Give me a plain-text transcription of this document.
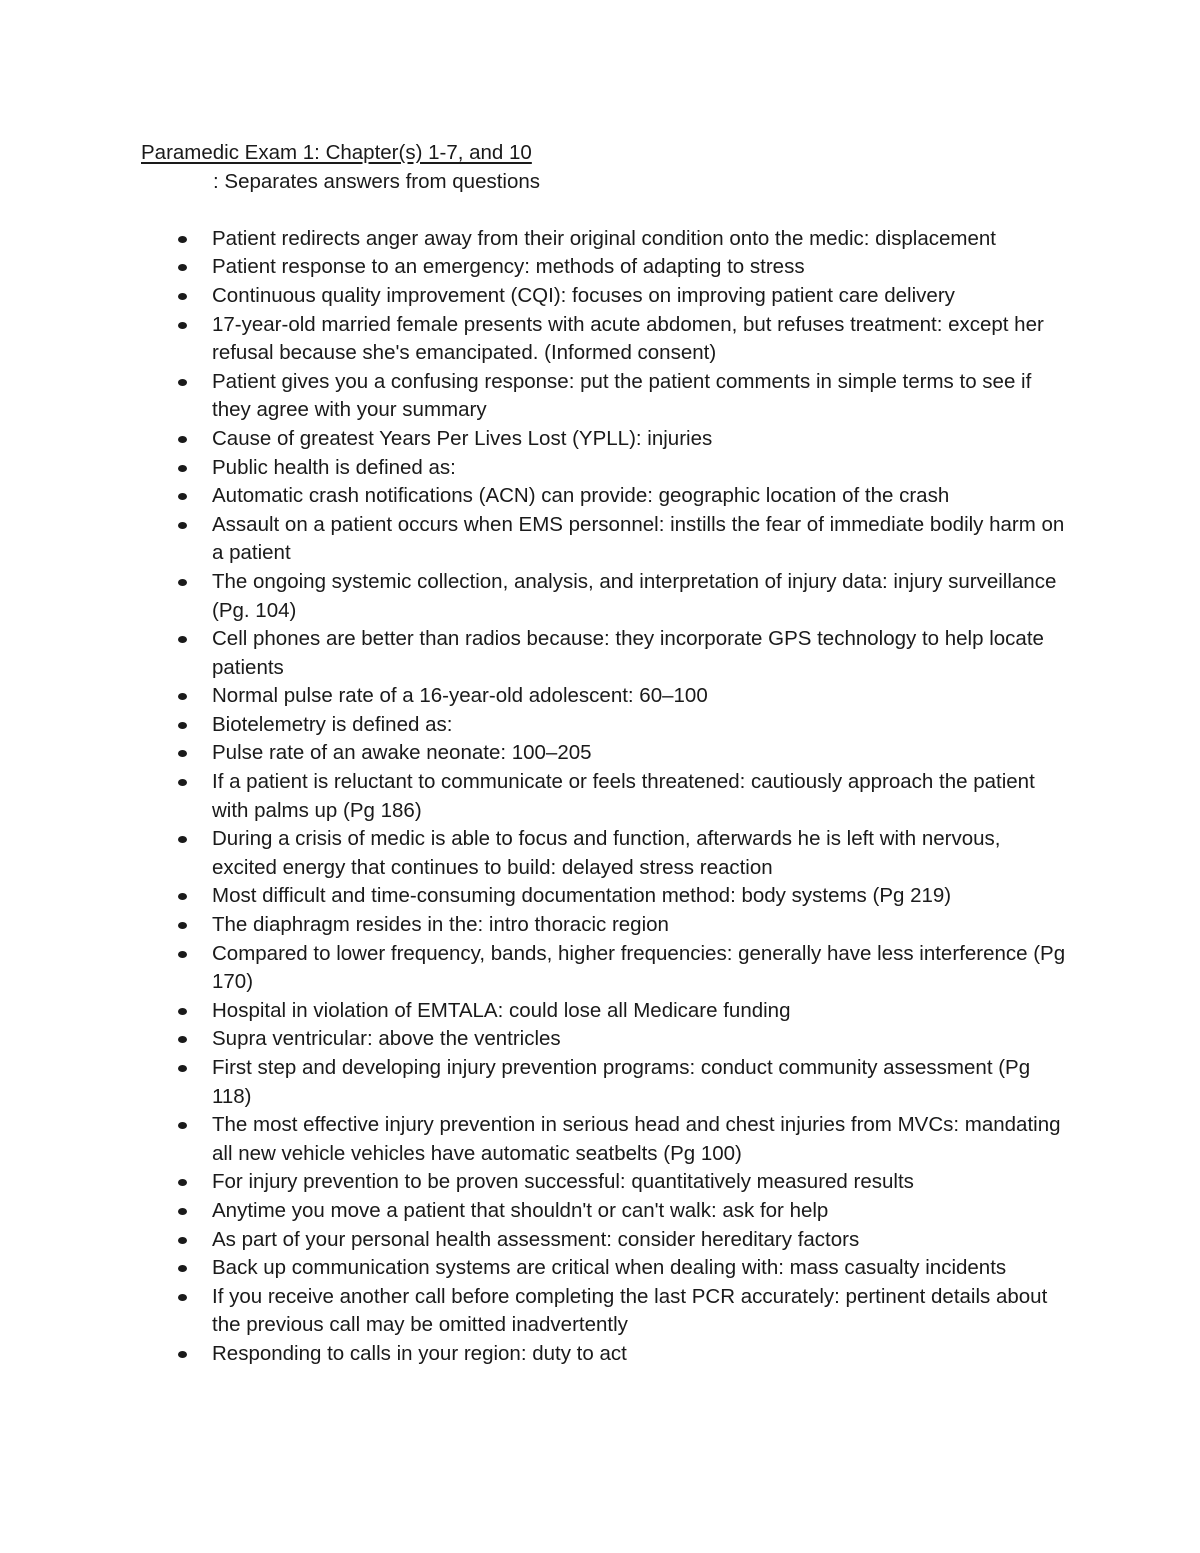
Paramedic Exam 1: Chapter(s) 1-7, and 10

: Separates answers from questions

Patient redirects anger away from their original condition onto the medic: displacement
Patient response to an emergency: methods of adapting to stress
Continuous quality improvement (CQI): focuses on improving patient care delivery
17-year-old married female presents with acute abdomen, but refuses treatment: except her refusal because she's emancipated. (Informed consent)
Patient gives you a confusing response: put the patient comments in simple terms to see if they agree with your summary
Cause of greatest Years Per Lives Lost (YPLL): injuries
Public health is defined as:
Automatic crash notifications (ACN) can provide: geographic location of the crash
Assault on a patient occurs when EMS personnel: instills the fear of immediate bodily harm on a patient
The ongoing systemic collection, analysis, and interpretation of injury data: injury surveillance (Pg. 104)
Cell phones are better than radios because: they incorporate GPS technology to help locate patients
Normal pulse rate of a 16-year-old adolescent: 60–100
Biotelemetry is defined as:
Pulse rate of an awake neonate: 100–205
If a patient is reluctant to communicate or feels threatened: cautiously approach the patient with palms up (Pg 186)
During a crisis of medic is able to focus and function, afterwards he is left with nervous, excited energy that continues to build: delayed stress reaction
Most difficult and time-consuming documentation method: body systems (Pg 219)
The diaphragm resides in the: intro thoracic region
Compared to lower frequency, bands, higher frequencies: generally have less interference (Pg 170)
Hospital in violation of EMTALA: could lose all Medicare funding
Supra ventricular: above the ventricles
First step and developing injury prevention programs: conduct community assessment (Pg 118)
The most effective injury prevention in serious head and chest injuries from MVCs: mandating all new vehicle vehicles have automatic seatbelts (Pg 100)
For injury prevention to be proven successful: quantitatively measured results
Anytime you move a patient that shouldn't or can't walk: ask for help
As part of your personal health assessment: consider hereditary factors
Back up communication systems are critical when dealing with: mass casualty incidents
If you receive another call before completing the last PCR accurately: pertinent details about the previous call may be omitted inadvertently
Responding to calls in your region: duty to act
